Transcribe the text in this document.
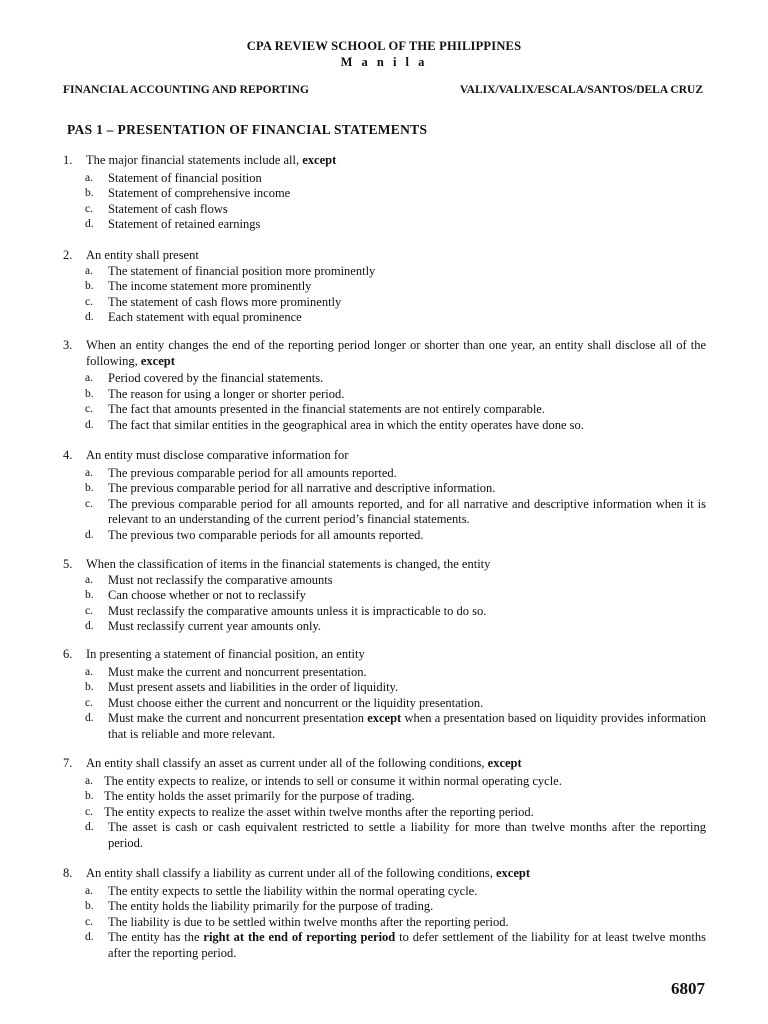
CPA REVIEW SCHOOL OF THE PHILIPPINES
M a n i l a
FINANCIAL ACCOUNTING AND REPORTING	VALIX/VALIX/ESCALA/SANTOS/DELA CRUZ
PAS 1 – PRESENTATION OF FINANCIAL STATEMENTS
1. The major financial statements include all, except
a. Statement of financial position
b. Statement of comprehensive income
c. Statement of cash flows
d. Statement of retained earnings
2. An entity shall present
a. The statement of financial position more prominently
b. The income statement more prominently
c. The statement of cash flows more prominently
d. Each statement with equal prominence
3. When an entity changes the end of the reporting period longer or shorter than one year, an entity shall disclose all of the following, except
a. Period covered by the financial statements.
b. The reason for using a longer or shorter period.
c. The fact that amounts presented in the financial statements are not entirely comparable.
d. The fact that similar entities in the geographical area in which the entity operates have done so.
4. An entity must disclose comparative information for
a. The previous comparable period for all amounts reported.
b. The previous comparable period for all narrative and descriptive information.
c. The previous comparable period for all amounts reported, and for all narrative and descriptive information when it is relevant to an understanding of the current period’s financial statements.
d. The previous two comparable periods for all amounts reported.
5. When the classification of items in the financial statements is changed, the entity
a. Must not reclassify the comparative amounts
b. Can choose whether or not to reclassify
c. Must reclassify the comparative amounts unless it is impracticable to do so.
d. Must reclassify current year amounts only.
6. In presenting a statement of financial position, an entity
a. Must make the current and noncurrent presentation.
b. Must present assets and liabilities in the order of liquidity.
c. Must choose either the current and noncurrent or the liquidity presentation.
d. Must make the current and noncurrent presentation except when a presentation based on liquidity provides information that is reliable and more relevant.
7. An entity shall classify an asset as current under all of the following conditions, except
a. The entity expects to realize, or intends to sell or consume it within normal operating cycle.
b. The entity holds the asset primarily for the purpose of trading.
c. The entity expects to realize the asset within twelve months after the reporting period.
d. The asset is cash or cash equivalent restricted to settle a liability for more than twelve months after the reporting period.
8. An entity shall classify a liability as current under all of the following conditions, except
a. The entity expects to settle the liability within the normal operating cycle.
b. The entity holds the liability primarily for the purpose of trading.
c. The liability is due to be settled within twelve months after the reporting period.
d. The entity has the right at the end of reporting period to defer settlement of the liability for at least twelve months after the reporting period.
6807
